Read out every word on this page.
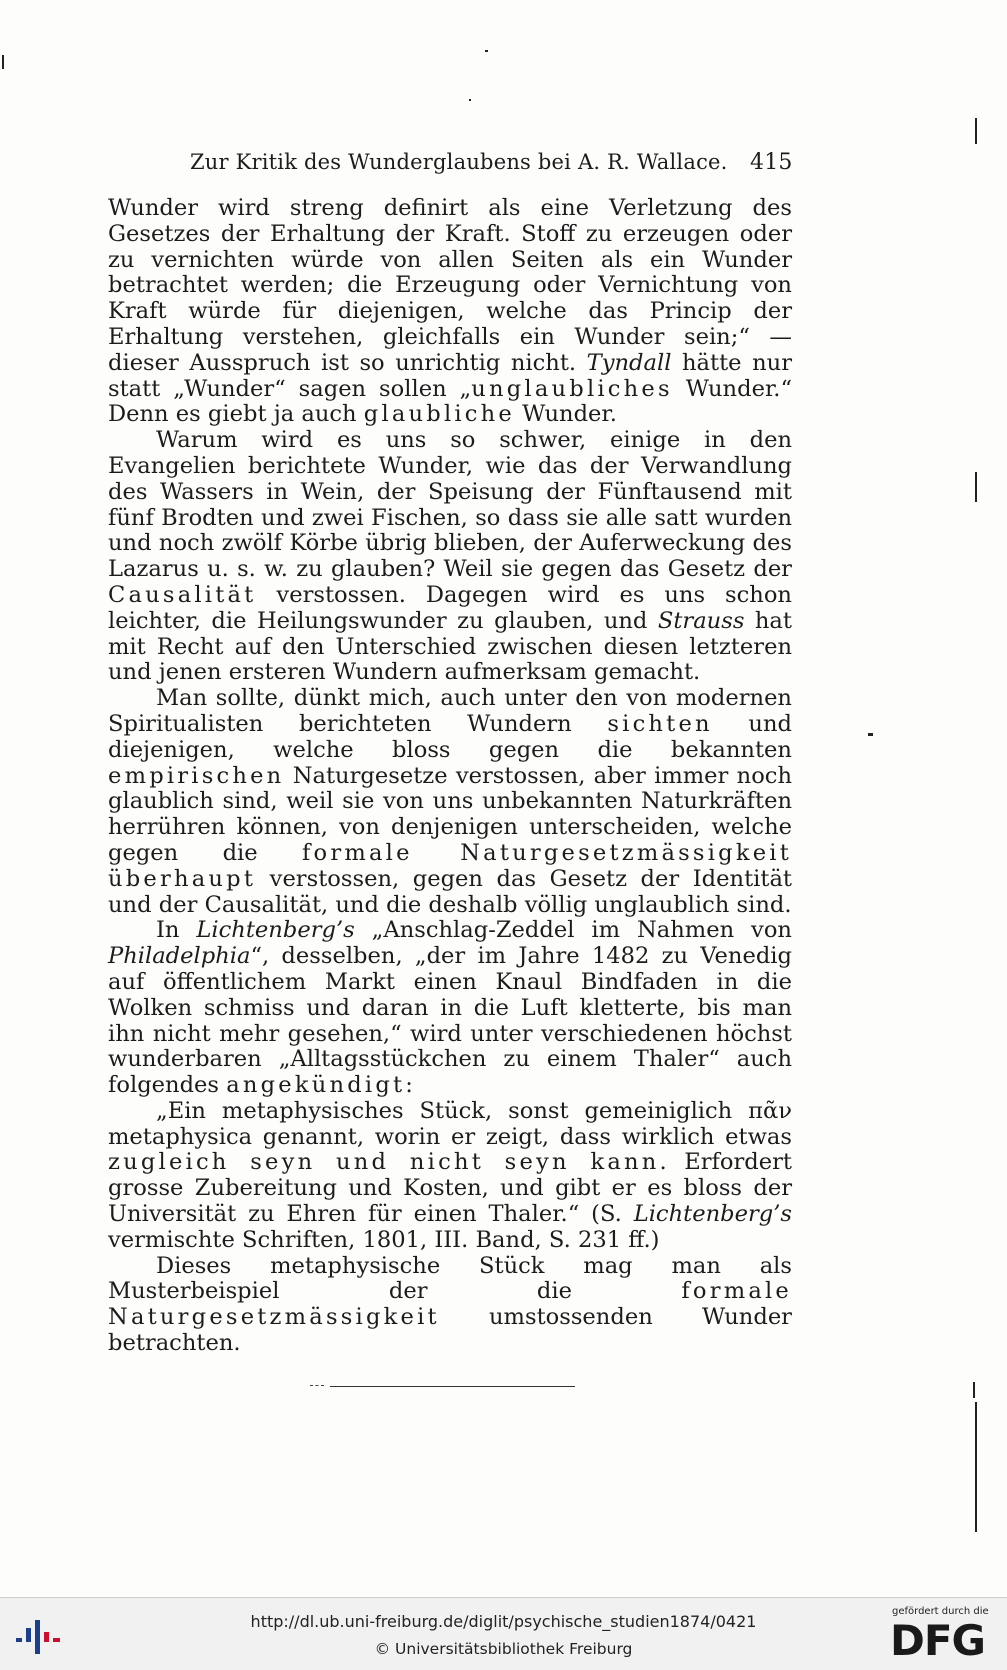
Zur Kritik des Wunderglaubens bei A. R. Wallace. 415

Wunder wird streng definirt als eine Verletzung des Gesetzes der Erhaltung der Kraft. Stoff zu erzeugen oder zu vernichten würde von allen Seiten als ein Wunder betrachtet werden; die Erzeugung oder Vernichtung von Kraft würde für diejenigen, welche das Princip der Erhaltung verstehen, gleichfalls ein Wunder sein;“ — dieser Ausspruch ist so unrichtig nicht. Tyndall hätte nur statt „Wunder“ sagen sollen „unglaubliches Wunder.“ Denn es giebt ja auch glaubliche Wunder.

Warum wird es uns so schwer, einige in den Evangelien berichtete Wunder, wie das der Verwandlung des Wassers in Wein, der Speisung der Fünftausend mit fünf Brodten und zwei Fischen, so dass sie alle satt wurden und noch zwölf Körbe übrig blieben, der Auferweckung des Lazarus u. s. w. zu glauben? Weil sie gegen das Gesetz der Causalität verstossen. Dagegen wird es uns schon leichter, die Heilungswunder zu glauben, und Strauss hat mit Recht auf den Unterschied zwischen diesen letzteren und jenen ersteren Wundern aufmerksam gemacht.

Man sollte, dünkt mich, auch unter den von modernen Spiritualisten berichteten Wundern sichten und diejenigen, welche bloss gegen die bekannten empirischen Naturgesetze verstossen, aber immer noch glaublich sind, weil sie von uns unbekannten Naturkräften herrühren können, von denjenigen unterscheiden, welche gegen die formale Naturgesetzmässigkeit überhaupt verstossen, gegen das Gesetz der Identität und der Causalität, und die deshalb völlig unglaublich sind.

In Lichtenberg’s „Anschlag-Zeddel im Nahmen von Philadelphia“, desselben, „der im Jahre 1482 zu Venedig auf öffentlichem Markt einen Knaul Bindfaden in die Wolken schmiss und daran in die Luft kletterte, bis man ihn nicht mehr gesehen,“ wird unter verschiedenen höchst wunderbaren „Alltagsstückchen zu einem Thaler“ auch folgendes angekündigt:

„Ein metaphysisches Stück, sonst gemeiniglich πᾶν metaphysica genannt, worin er zeigt, dass wirklich etwas zugleich seyn und nicht seyn kann. Erfordert grosse Zubereitung und Kosten, und gibt er es bloss der Universität zu Ehren für einen Thaler.“ (S. Lichtenberg’s vermischte Schriften, 1801, III. Band, S. 231 ff.)

Dieses metaphysische Stück mag man als Musterbeispiel der die formale Naturgesetzmässigkeit umstossenden Wunder betrachten.

http://dl.ub.uni-freiburg.de/diglit/psychische_studien1874/0421
© Universitätsbibliothek Freiburg
gefördert durch die
DFG
